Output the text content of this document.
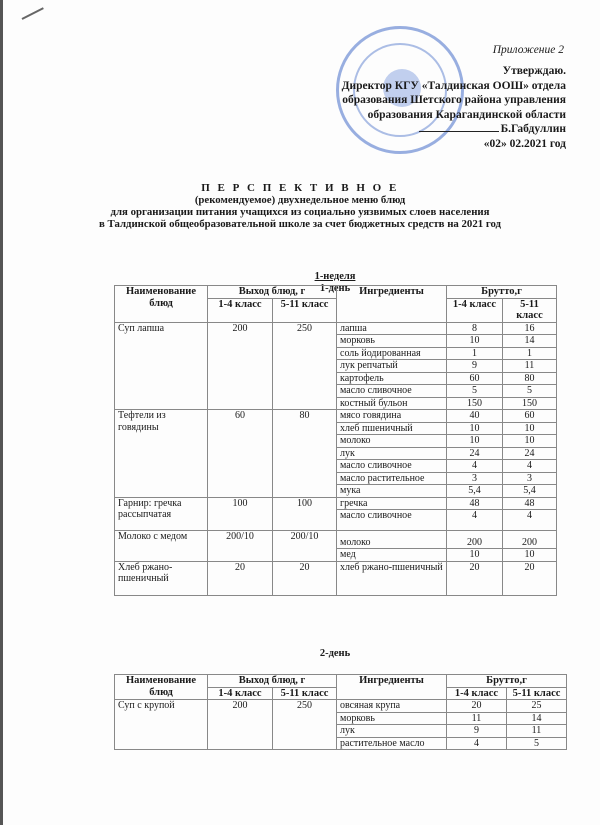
Приложение 2
Утверждаю.
Директор КГУ «Талдинская ООШ» отдела
образования Шетского района управления
образования Карагандинской области
Б.Габдуллин
«02» 02.2021 год
П Е Р С П Е К Т И В Н О Е
(рекомендуемое) двухнедельное меню блюд
для организации питания учащихся из социально уязвимых слоев населения
в Талдинской общеобразовательной школе за счет бюджетных средств на 2021 год
1-неделя
1-день
Наименование блюд	Выход блюд, г		Ингредиенты	Брутто,г	
	1-4 класс	5-11 класс		1-4 класс	5-11 класс
Суп лапша	200	250	лапша	8	16
			морковь	10	14
			соль йодированная	1	1
			лук репчатый	9	11
			картофель	60	80
			масло сливочное	5	5
			костный бульон	150	150
Тефтели из говядины	60	80	мясо говядина	40	60
			хлеб пшеничный	10	10
			молоко	10	10
			лук	24	24
			масло сливочное	4	4
			масло растительное	3	3
			мука	5,4	5,4
Гарнир: гречка рассыпчатая	100	100	гречка	48	48
			масло сливочное	4	4
Молоко с медом	200/10	200/10	молоко	200	200
			мед	10	10
Хлеб ржано-пшеничный	20	20	хлеб ржано-пшеничный	20	20
2-день
Наименование блюд	Выход блюд, г		Ингредиенты	Брутто,г	
	1-4 класс	5-11 класс		1-4 класс	5-11 класс
Суп с крупой	200	250	овсяная крупа	20	25
			морковь	11	14
			лук	9	11
			растительное масло	4	5
